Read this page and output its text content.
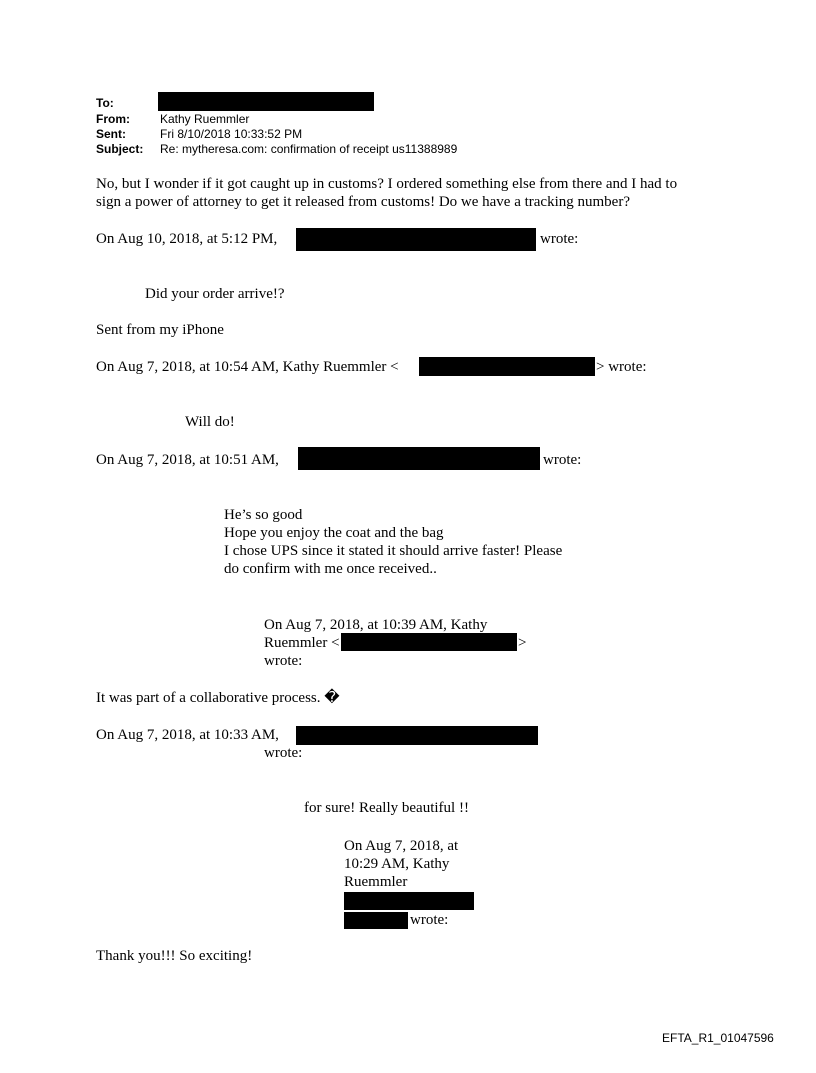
To:
From:	Kathy Ruemmler
Sent:	Fri 8/10/2018 10:33:52 PM
Subject: Re: mytheresa.com: confirmation of receipt us11388989
No, but I wonder if it got caught up in customs? I ordered something else from there and I had to
sign a power of attorney to get it released from customs! Do we have a tracking number?
On Aug 10, 2018, at 5:12 PM,	wrote:
Did your order arrive!?
Sent from my iPhone
On Aug 7, 2018, at 10:54 AM, Kathy Ruemmler <	> wrote:
Will do!
On Aug 7, 2018, at 10:51 AM,	wrote:
He’s so good
Hope you enjoy the coat and the bag
I chose UPS since it stated it should arrive faster! Please
do confirm with me once received..
On Aug 7, 2018, at 10:39 AM, Kathy
Ruemmler <	>
wrote:
It was part of a collaborative process. �
On Aug 7, 2018, at 10:33 AM,
wrote:
for sure! Really beautiful !!
On Aug 7, 2018, at
10:29 AM, Kathy
Ruemmler
wrote:
Thank you!!! So exciting!
EFTA_R1_01047596
